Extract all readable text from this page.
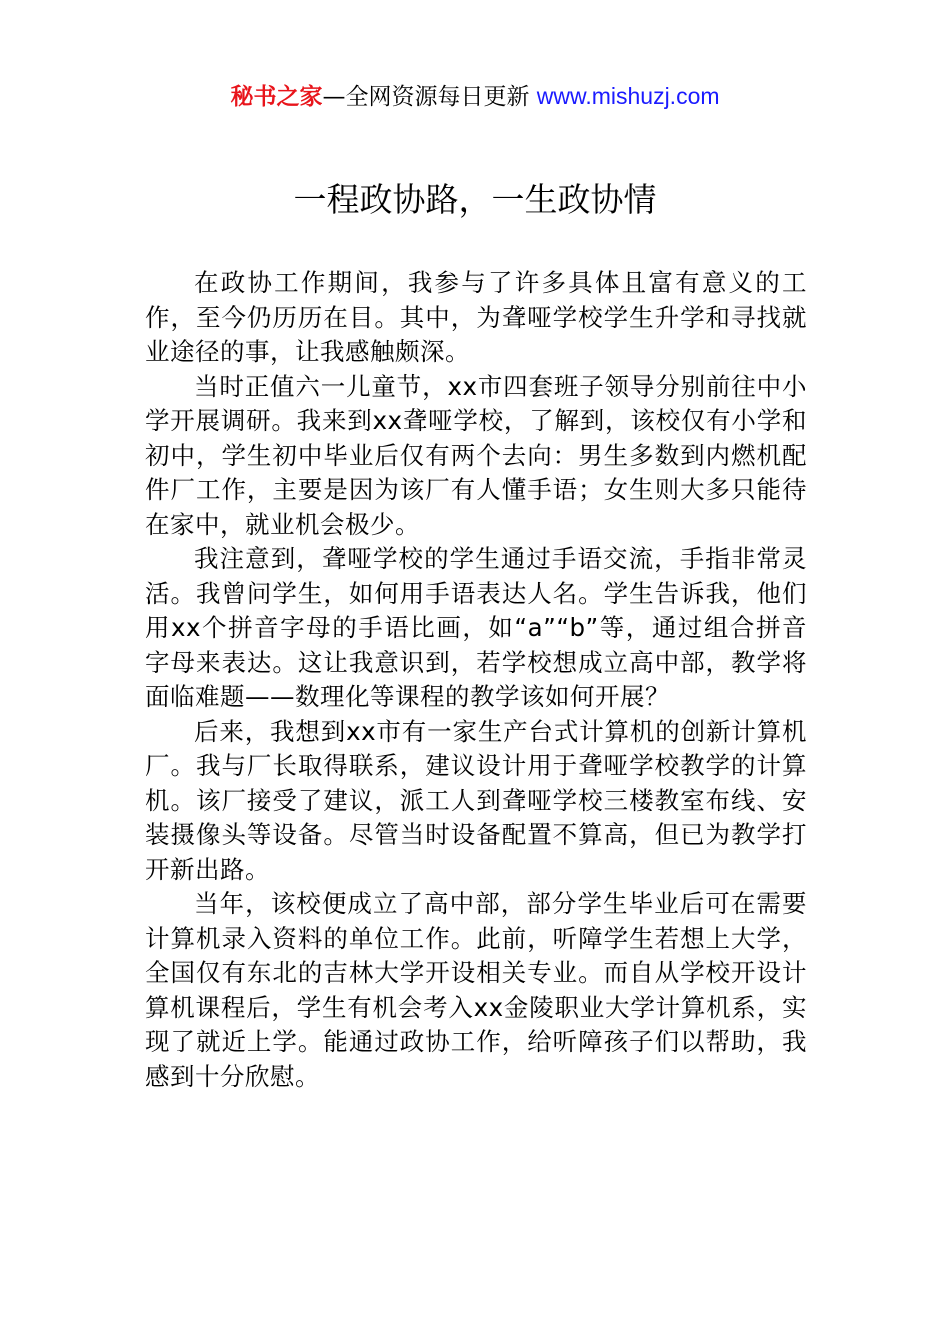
秘书之家—全网资源每日更新 www.mishuzj.com
一程政协路，一生政协情

在政协工作期间，我参与了许多具体且富有意义的工作，至今仍历历在目。其中，为聋哑学校学生升学和寻找就业途径的事，让我感触颇深。

当时正值六一儿童节，xx市四套班子领导分别前往中小学开展调研。我来到xx聋哑学校，了解到，该校仅有小学和初中，学生初中毕业后仅有两个去向：男生多数到内燃机配件厂工作，主要是因为该厂有人懂手语；女生则大多只能待在家中，就业机会极少。

我注意到，聋哑学校的学生通过手语交流，手指非常灵活。我曾问学生，如何用手语表达人名。学生告诉我，他们用xx个拼音字母的手语比画，如“a”“b”等，通过组合拼音字母来表达。这让我意识到，若学校想成立高中部，教学将面临难题——数理化等课程的教学该如何开展？

后来，我想到xx市有一家生产台式计算机的创新计算机厂。我与厂长取得联系，建议设计用于聋哑学校教学的计算机。该厂接受了建议，派工人到聋哑学校三楼教室布线、安装摄像头等设备。尽管当时设备配置不算高，但已为教学打开新出路。

当年，该校便成立了高中部，部分学生毕业后可在需要计算机录入资料的单位工作。此前，听障学生若想上大学，全国仅有东北的吉林大学开设相关专业。而自从学校开设计算机课程后，学生有机会考入xx金陵职业大学计算机系，实现了就近上学。能通过政协工作，给听障孩子们以帮助，我感到十分欣慰。
